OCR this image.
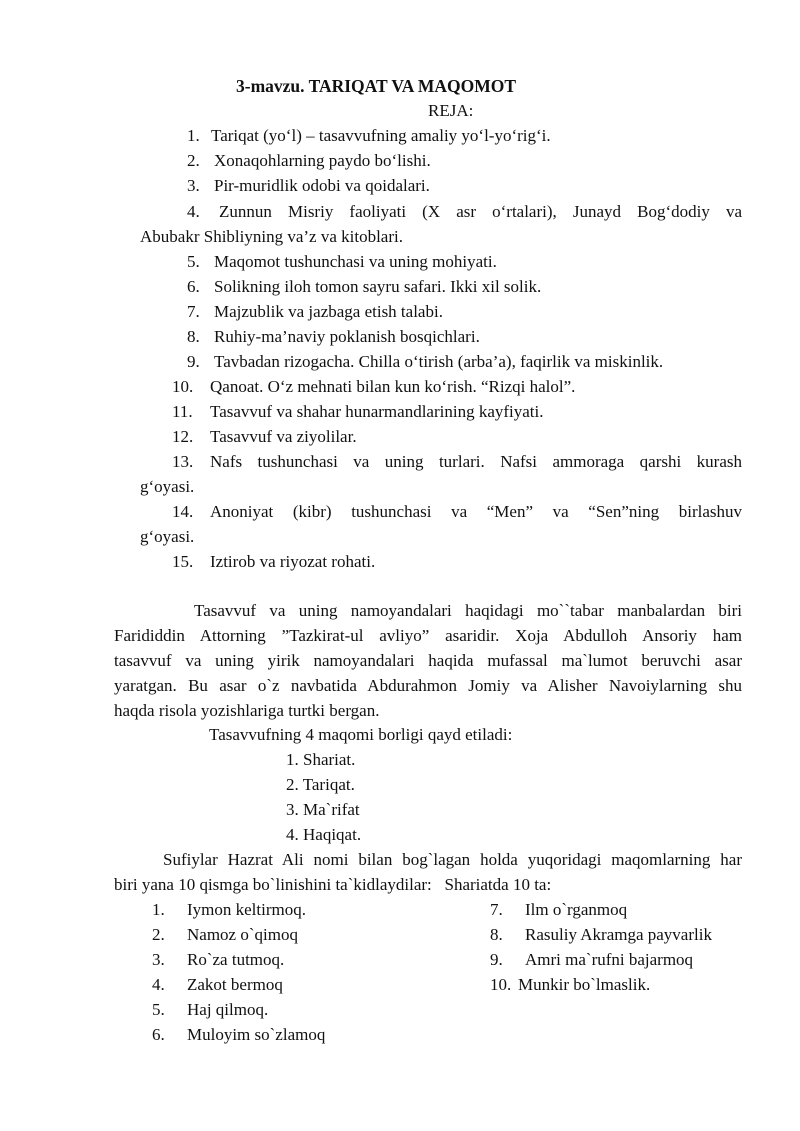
3-mavzu. TARIQAT VA MAQOMOT
REJA:
1. Tariqat (yo‘l) – tasavvufning amaliy yo‘l-yo‘rig‘i.
2. Xonaqohlarning paydo bo‘lishi.
3. Pir-muridlik odobi va qoidalari.
4. Zunnun Misriy faoliyati (X asr o‘rtalari), Junayd Bog‘dodiy va
Abubakr Shibliyning va’z va kitoblari.
5. Maqomot tushunchasi va uning mohiyati.
6. Solikning iloh tomon sayru safari. Ikki xil solik.
7. Majzublik va jazbaga etish talabi.
8. Ruhiy-ma’naviy poklanish bosqichlari.
9. Tavbadan rizogacha. Chilla o‘tirish (arba’a), faqirlik va miskinlik.
10. Qanoat. O‘z mehnati bilan kun ko‘rish. “Rizqi halol”.
11. Tasavvuf va shahar hunarmandlarining kayfiyati.
12. Tasavvuf va ziyolilar.
13. Nafs tushunchasi va uning turlari. Nafsi ammoraga qarshi kurash
g‘oyasi.
14. Anoniyat (kibr) tushunchasi va “Men” va “Sen”ning birlashuv
g‘oyasi.
15. Iztirob va riyozat rohati.
Tasavvuf va uning namoyandalari haqidagi mo``tabar manbalardan biri
Farididdin Attorning ”Tazkirat-ul avliyo” asaridir. Xoja Abdulloh Ansoriy ham
tasavvuf va uning yirik namoyandalari haqida mufassal ma`lumot beruvchi asar
yaratgan. Bu asar o`z navbatida Abdurahmon Jomiy va Alisher Navoiylarning shu
haqda risola yozishlariga turtki bergan.
Tasavvufning 4 maqomi borligi qayd etiladi:
1. Shariat.
2. Tariqat.
3. Ma`rifat
4. Haqiqat.
Sufiylar Hazrat Ali nomi bilan bog`lagan holda yuqoridagi maqomlarning har
biri yana 10 qismga bo`linishini ta`kidlaydilar:   Shariatda 10 ta:
1. Iymon keltirmoq.
2. Namoz o`qimoq
3. Ro`za tutmoq.
4. Zakot bermoq
5. Haj qilmoq.
6. Muloyim so`zlamoq
7. Ilm o`rganmoq
8. Rasuliy Akramga payvarlik
9. Amri ma`rufni bajarmoq
10. Munkir bo`lmaslik.
